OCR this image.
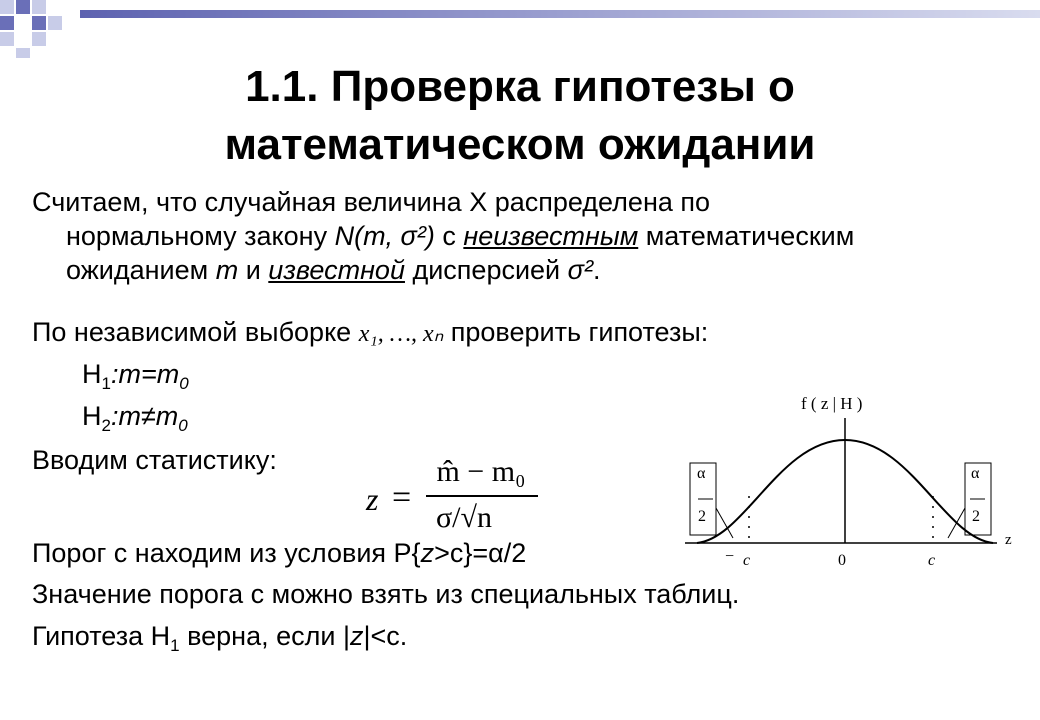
1.1. Проверка гипотезы о
математическом ожидании
Считаем, что случайная величина X распределена по
нормальному закону N(m, σ²) с неизвестным математическим
ожиданием m и известной дисперсией σ².
По независимой выборке x₁, …, xₙ проверить гипотезы:
$H_1:m=m_0$
$H_2:m\ne m_0$
Вводим статистику:
z =
m̂ − m₀
σ/√n
Порог c находим из условия P{z>c}=α/2
Значение порога c можно взять из специальных таблиц.
Гипотеза $H_1$ верна, если |z|<c.
f ( z | H )
z
α
2
α
2
− c	0	c
